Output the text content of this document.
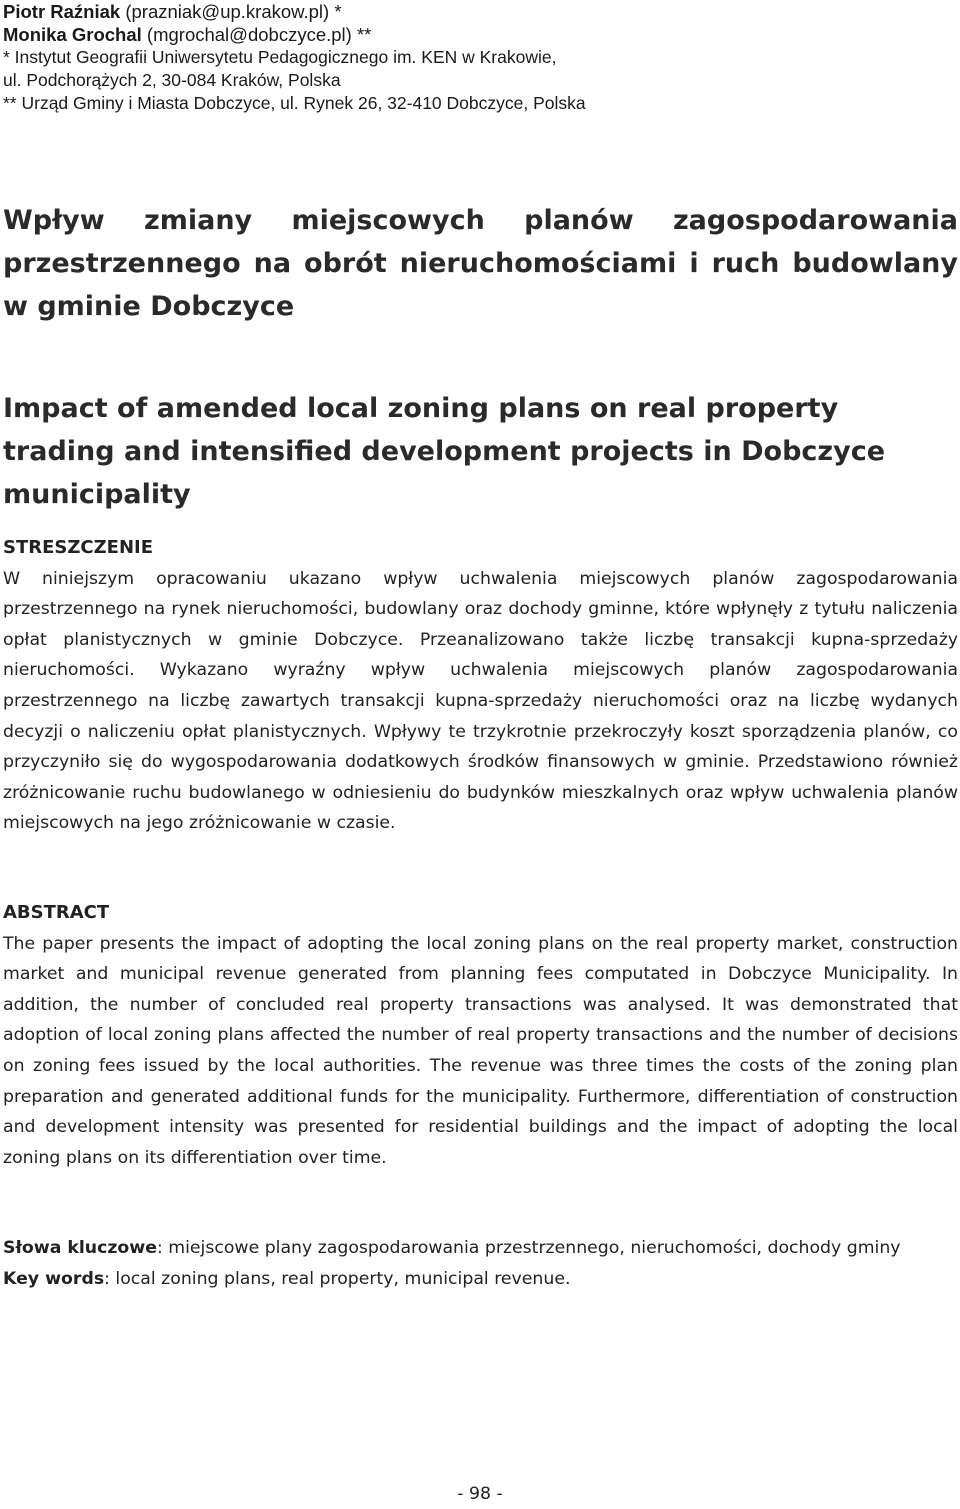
Piotr Raźniak (prazniak@up.krakow.pl) *
Monika Grochal (mgrochal@dobczyce.pl) **
* Instytut Geografii Uniwersytetu Pedagogicznego im. KEN w Krakowie,
ul. Podchorążych 2, 30-084 Kraków, Polska
** Urząd Gminy i Miasta Dobczyce, ul. Rynek 26, 32-410 Dobczyce, Polska
Wpływ zmiany miejscowych planów zagospodarowania przestrzennego na obrót nieruchomościami i ruch budowlany w gminie Dobczyce
Impact of amended local zoning plans on real property trading and intensified development projects in Dobczyce municipality
STRESZCZENIE
W niniejszym opracowaniu ukazano wpływ uchwalenia miejscowych planów zagospodarowania przestrzennego na rynek nieruchomości, budowlany oraz dochody gminne, które wpłynęły z tytułu naliczenia opłat planistycznych w gminie Dobczyce. Przeanalizowano także liczbę transakcji kupna-sprzedaży nieruchomości. Wykazano wyraźny wpływ uchwalenia miejscowych planów zagospodarowania przestrzennego na liczbę zawartych transakcji kupna-sprzedaży nieruchomości oraz na liczbę wydanych decyzji o naliczeniu opłat planistycznych. Wpływy te trzykrotnie przekroczyły koszt sporządzenia planów, co przyczyniło się do wygospodarowania dodatkowych środków finansowych w gminie. Przedstawiono również zróżnicowanie ruchu budowlanego w odniesieniu do budynków mieszkalnych oraz wpływ uchwalenia planów miejscowych na jego zróżnicowanie w czasie.
ABSTRACT
The paper presents the impact of adopting the local zoning plans on the real property market, construction market and municipal revenue generated from planning fees computated in Dobczyce Municipality. In addition, the number of concluded real property transactions was analysed. It was demonstrated that adoption of local zoning plans affected the number of real property transactions and the number of decisions on zoning fees issued by the local authorities. The revenue was three times the costs of the zoning plan preparation and generated additional funds for the municipality. Furthermore, differentiation of construction and development intensity was presented for residential buildings and the impact of adopting the local zoning plans on its differentiation over time.
Słowa kluczowe: miejscowe plany zagospodarowania przestrzennego, nieruchomości, dochody gminy
Key words: local zoning plans, real property, municipal revenue.
- 98 -
